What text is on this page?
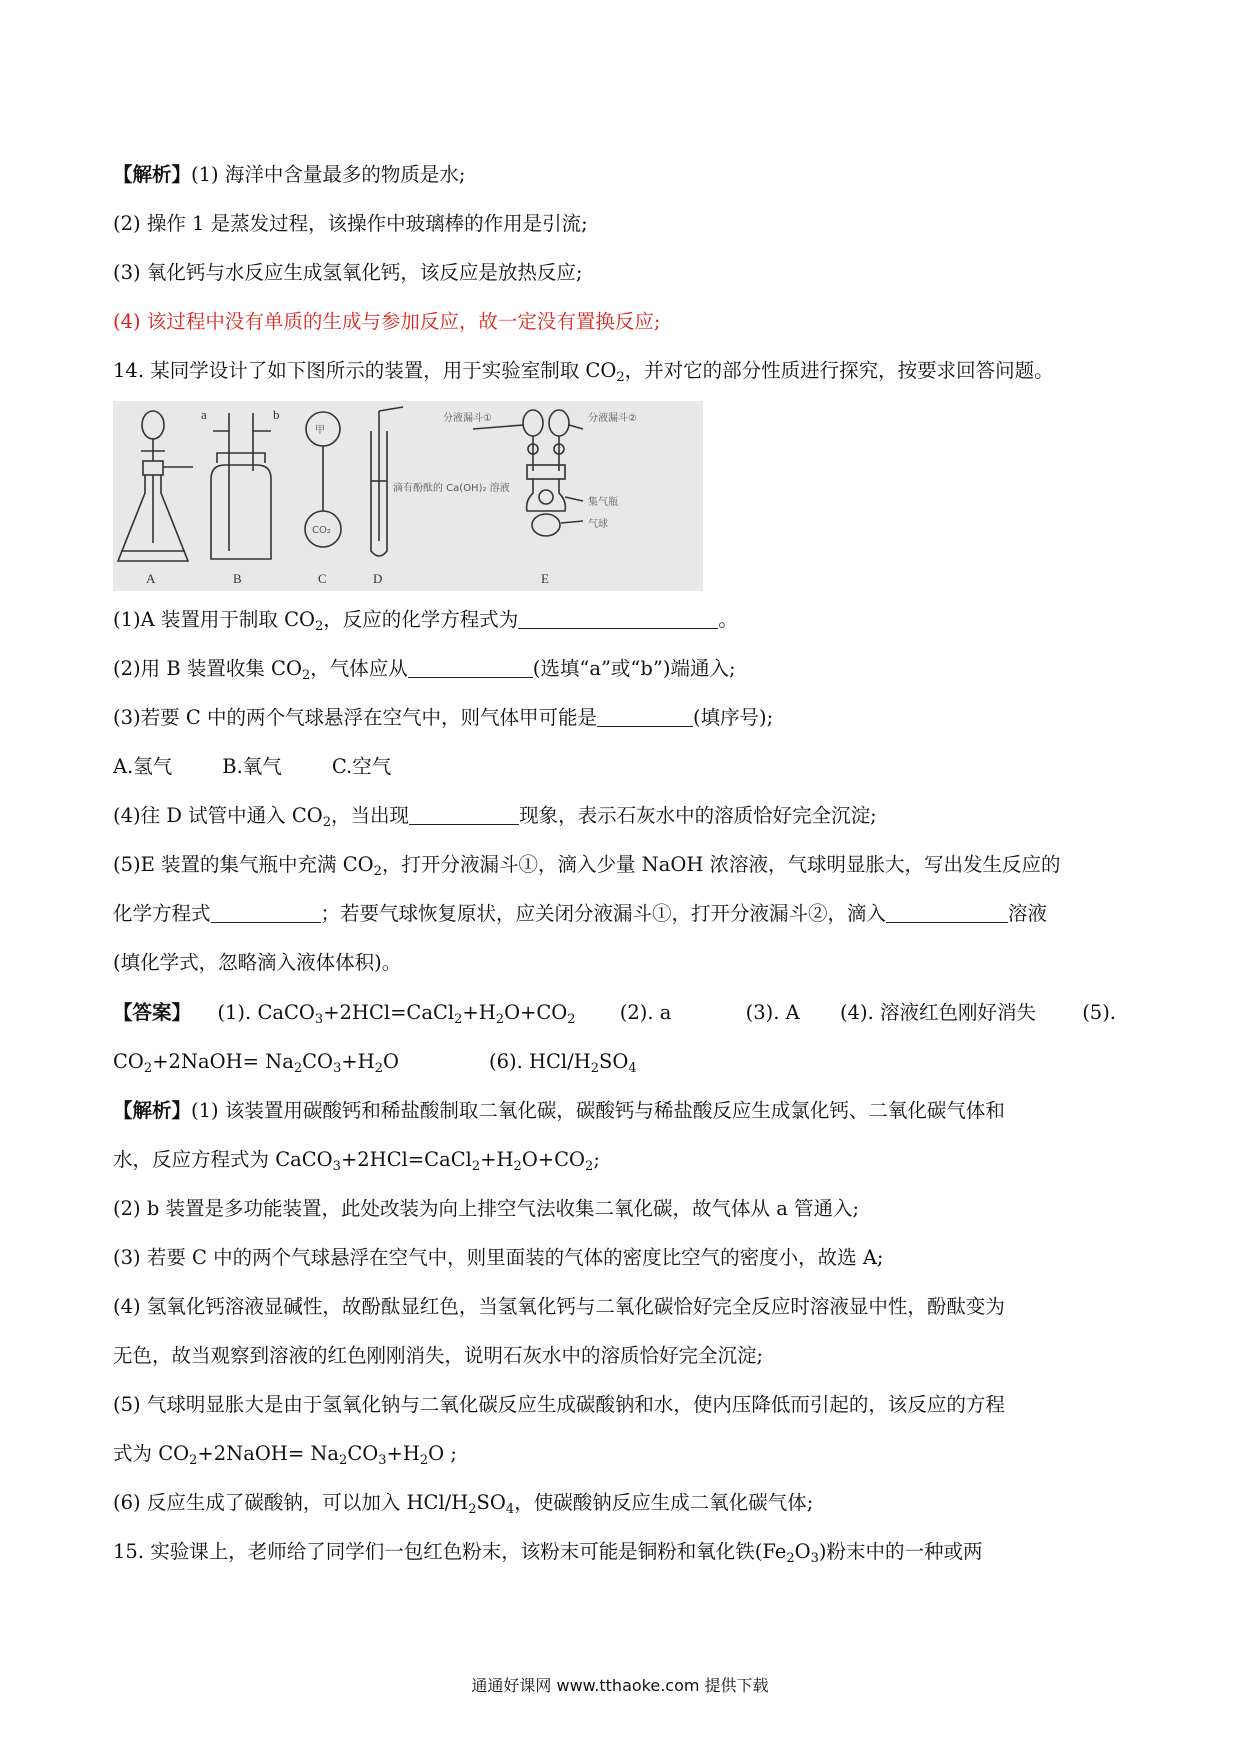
【解析】(1) 海洋中含量最多的物质是水;
(2) 操作 1 是蒸发过程，该操作中玻璃棒的作用是引流;
(3) 氧化钙与水反应生成氢氧化钙，该反应是放热反应;
(4) 该过程中没有单质的生成与参加反应，故一定没有置换反应;
14. 某同学设计了如下图所示的装置，用于实验室制取 $CO_2$，并对它的部分性质进行探究，按要求回答问题。
A	B	C	D	E
a	b
甲
CO₂
滴有酚酞的 Ca(OH)₂ 溶液
分液漏斗①	分液漏斗②
集气瓶
气球
(1)A 装置用于制取 $CO_2$，反应的化学方程式为	。
(2)用 B 装置收集 $CO_2$，气体应从	(选填“a”或“b”)端通入;
(3)若要 C 中的两个气球悬浮在空气中，则气体甲可能是	(填序号);
A.氢气	B.氧气	C.空气
(4)往 D 试管中通入 $CO_2$，当出现	现象，表示石灰水中的溶质恰好完全沉淀;
(5)E 装置的集气瓶中充满 $CO_2$，打开分液漏斗①，滴入少量 NaOH 浓溶液，气球明显胀大，写出发生反应的
化学方程式	；若要气球恢复原状，应关闭分液漏斗①，打开分液漏斗②，滴入	溶液
(填化学式，忽略滴入液体体积)。
【答案】 (1). $CaCO_3+2HCl=CaCl_2+H_2O+CO_2$ (2). a	(3). A (4). 溶液红色刚好消失 (5).
$CO_2+2NaOH= Na_2CO_3+H_2O$	(6). HCl/$H_2SO_4$
【解析】(1) 该装置用碳酸钙和稀盐酸制取二氧化碳，碳酸钙与稀盐酸反应生成氯化钙、二氧化碳气体和
水，反应方程式为 $CaCO_3+2HCl=CaCl_2+H_2O+CO_2$;
(2) b 装置是多功能装置，此处改装为向上排空气法收集二氧化碳，故气体从 a 管通入;
(3) 若要 C 中的两个气球悬浮在空气中，则里面装的气体的密度比空气的密度小，故选 A;
(4) 氢氧化钙溶液显碱性，故酚酞显红色，当氢氧化钙与二氧化碳恰好完全反应时溶液显中性，酚酞变为
无色，故当观察到溶液的红色刚刚消失，说明石灰水中的溶质恰好完全沉淀;
(5) 气球明显胀大是由于氢氧化钠与二氧化碳反应生成碳酸钠和水，使内压降低而引起的，该反应的方程
式为 $CO_2+2NaOH= Na_2CO_3+H_2O$ ;
(6) 反应生成了碳酸钠，可以加入 HCl/$H_2SO_4$，使碳酸钠反应生成二氧化碳气体;
15. 实验课上，老师给了同学们一包红色粉末，该粉末可能是铜粉和氧化铁$(Fe_2O_3)$粉末中的一种或两
通通好课网 www.tthaoke.com 提供下载
